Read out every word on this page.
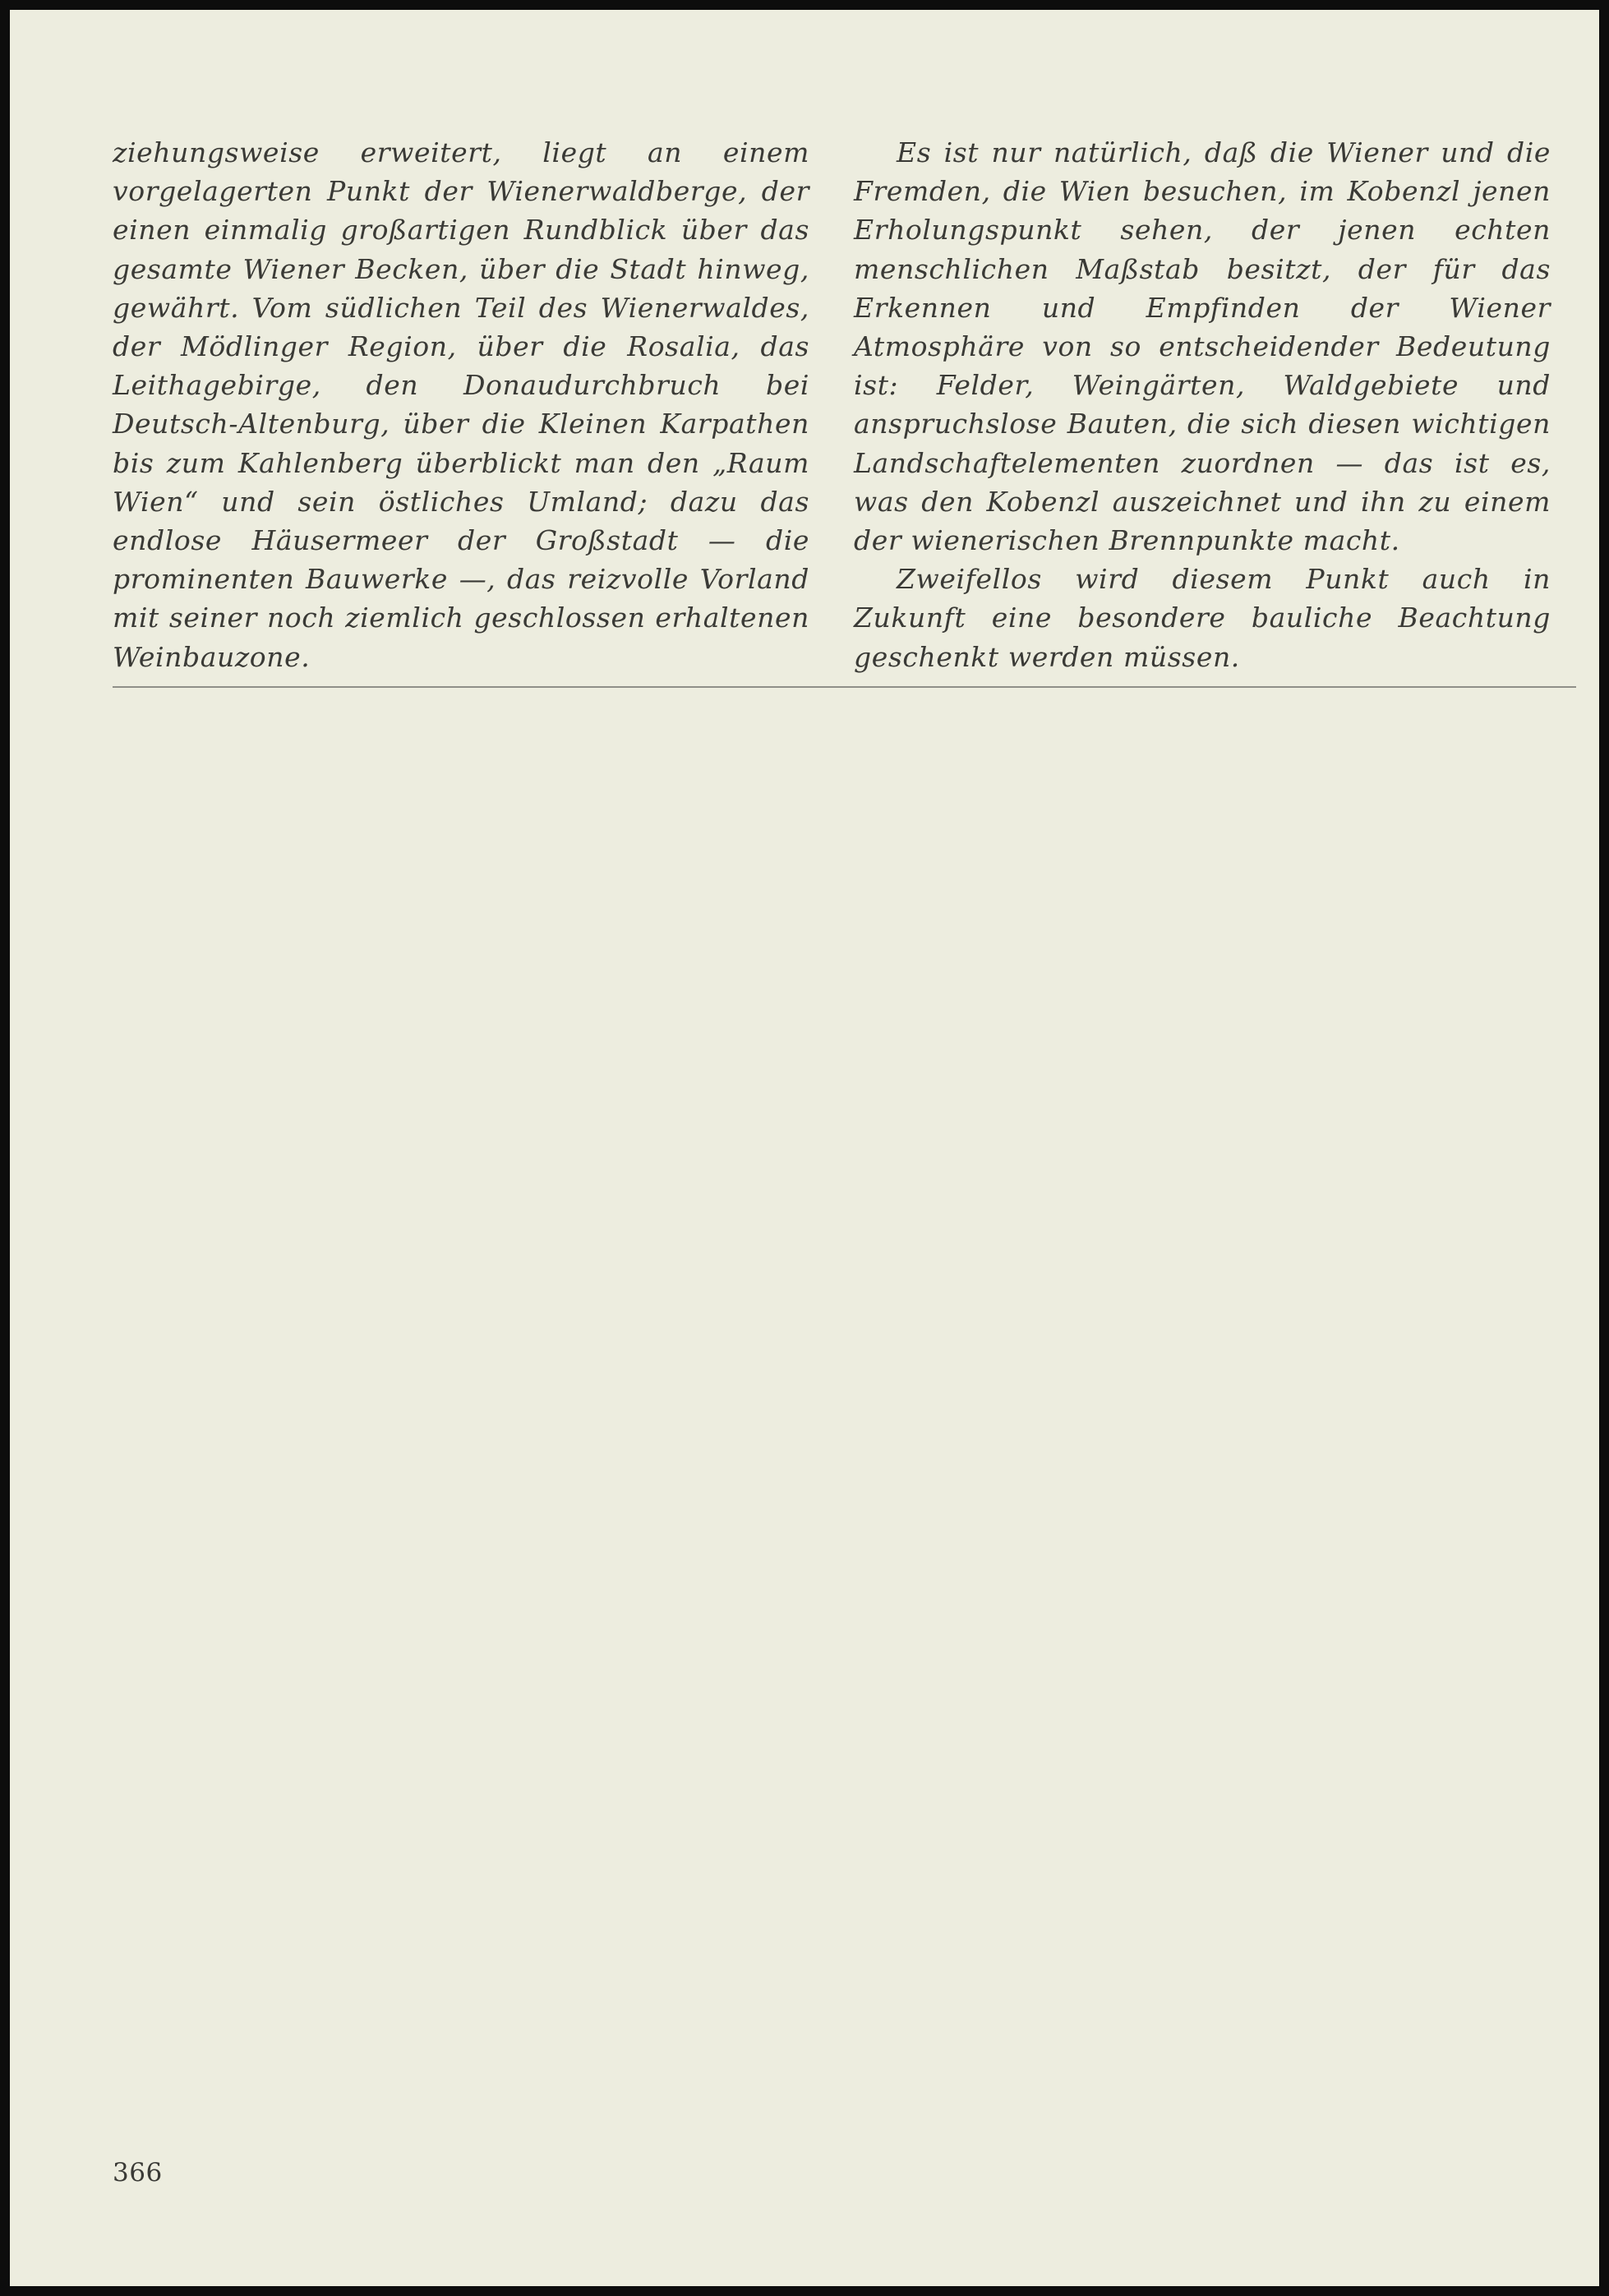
ziehungsweise erweitert, liegt an einem vorgelagerten Punkt der Wienerwaldberge, der einen einmalig großartigen Rundblick über das gesamte Wiener Becken, über die Stadt hinweg, gewährt. Vom südlichen Teil des Wienerwaldes, der Mödlinger Region, über die Rosalia, das Leithagebirge, den Donaudurchbruch bei Deutsch-Altenburg, über die Kleinen Karpathen bis zum Kahlenberg überblickt man den „Raum Wien“ und sein östliches Umland; dazu das endlose Häusermeer der Großstadt — die prominenten Bauwerke —, das reizvolle Vorland mit seiner noch ziemlich geschlossen erhaltenen Weinbauzone.

Es ist nur natürlich, daß die Wiener und die Fremden, die Wien besuchen, im Kobenzl jenen Erholungspunkt sehen, der jenen echten menschlichen Maßstab besitzt, der für das Erkennen und Empfinden der Wiener Atmosphäre von so entscheidender Bedeutung ist: Felder, Weingärten, Waldgebiete und anspruchslose Bauten, die sich diesen wichtigen Landschaftelementen zuordnen — das ist es, was den Kobenzl auszeichnet und ihn zu einem der wienerischen Brennpunkte macht.

Zweifellos wird diesem Punkt auch in Zukunft eine besondere bauliche Beachtung geschenkt werden müssen.

366
